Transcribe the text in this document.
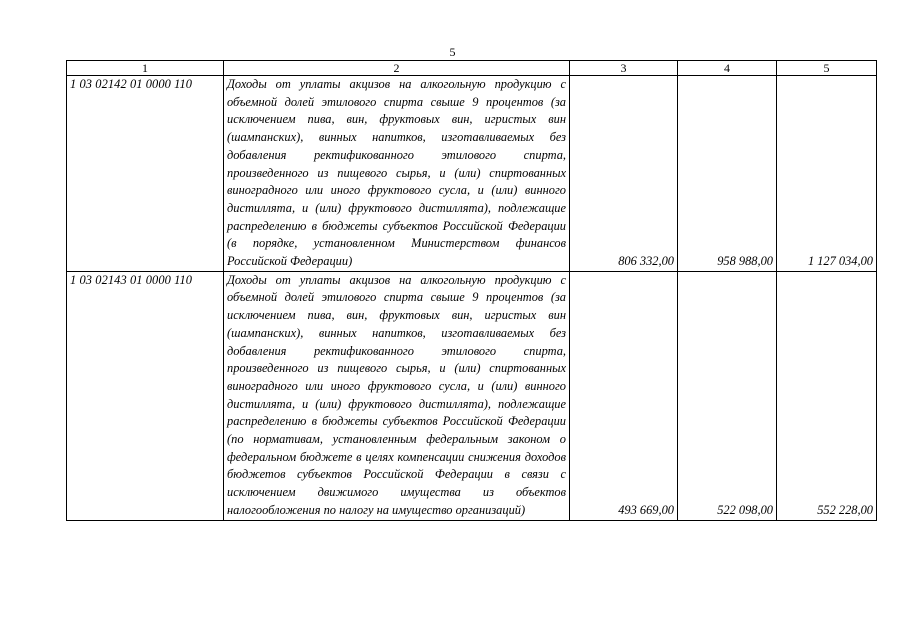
5
1	2	3	4	5
1 03 02142 01 0000 110	Доходы от уплаты акцизов на алкогольную продукцию с объемной долей этилового спирта свыше 9 процентов (за исключением пива, вин, фруктовых вин, игристых вин (шампанских), винных напитков, изготавливаемых без добавления ректификованного этилового спирта, произведенного из пищевого сырья, и (или) спиртованных виноградного или иного фруктового сусла, и (или) винного дистиллята, и (или) фруктового дистиллята), подлежащие распределению в бюджеты субъектов Российской Федерации (в порядке, установленном Министерством финансов Российской Федерации)	806 332,00	958 988,00	1 127 034,00
1 03 02143 01 0000 110	Доходы от уплаты акцизов на алкогольную продукцию с объемной долей этилового спирта свыше 9 процентов (за исключением пива, вин, фруктовых вин, игристых вин (шампанских), винных напитков, изготавливаемых без добавления ректификованного этилового спирта, произведенного из пищевого сырья, и (или) спиртованных виноградного или иного фруктового сусла, и (или) винного дистиллята, и (или) фруктового дистиллята), подлежащие распределению в бюджеты субъектов Российской Федерации (по нормативам, установленным федеральным законом о федеральном бюджете в целях компенсации снижения доходов бюджетов субъектов Российской Федерации в связи с исключением движимого имущества из объектов налогообложения по налогу на имущество организаций)	493 669,00	522 098,00	552 228,00
